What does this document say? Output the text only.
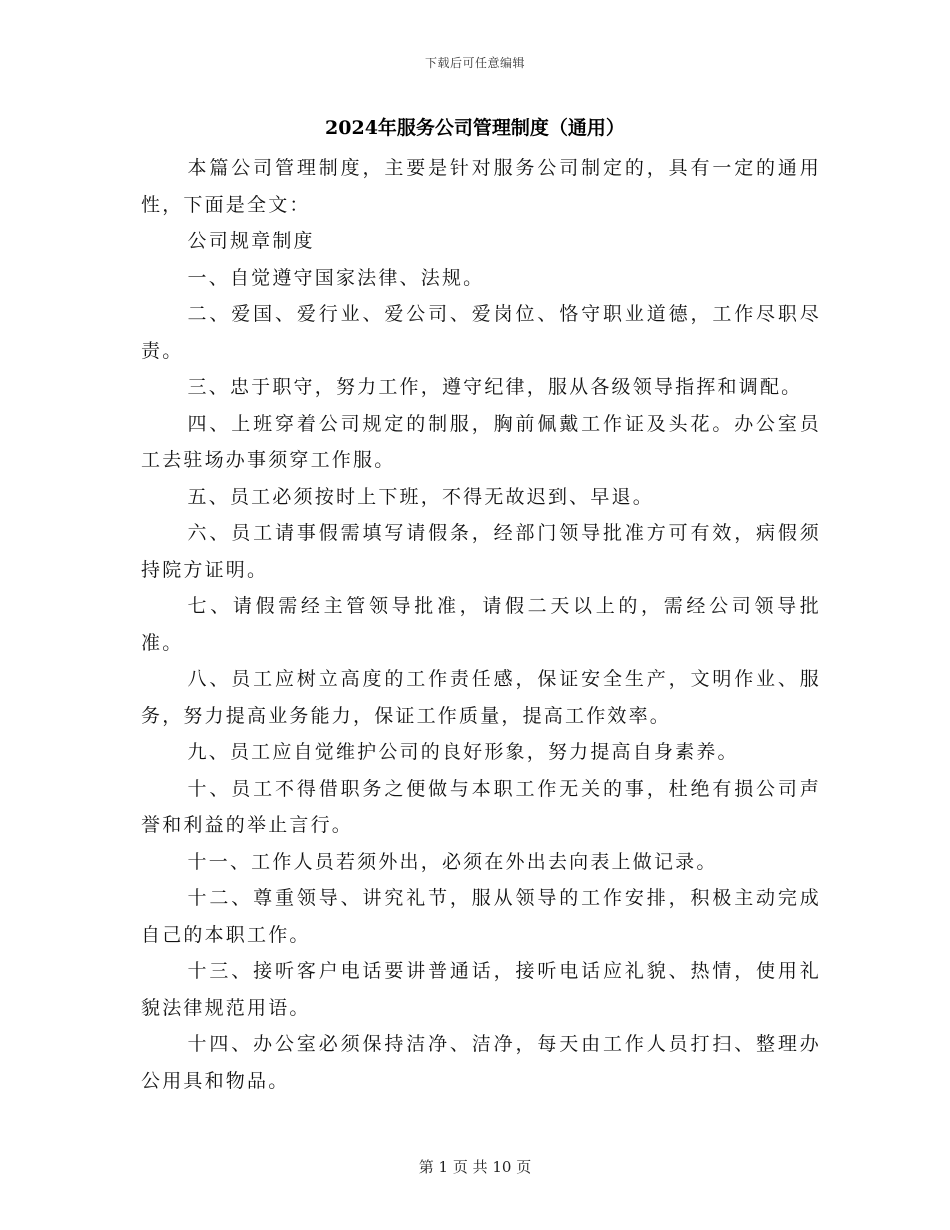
下载后可任意编辑
2024年服务公司管理制度（通用）

本篇公司管理制度，主要是针对服务公司制定的，具有一定的通用性，下面是全文：

公司规章制度

一、自觉遵守国家法律、法规。

二、爱国、爱行业、爱公司、爱岗位、恪守职业道德，工作尽职尽责。

三、忠于职守，努力工作，遵守纪律，服从各级领导指挥和调配。

四、上班穿着公司规定的制服，胸前佩戴工作证及头花。办公室员工去驻场办事须穿工作服。

五、员工必须按时上下班，不得无故迟到、早退。

六、员工请事假需填写请假条，经部门领导批准方可有效，病假须持院方证明。

七、请假需经主管领导批准，请假二天以上的，需经公司领导批准。

八、员工应树立高度的工作责任感，保证安全生产，文明作业、服务，努力提高业务能力，保证工作质量，提高工作效率。

九、员工应自觉维护公司的良好形象，努力提高自身素养。

十、员工不得借职务之便做与本职工作无关的事，杜绝有损公司声誉和利益的举止言行。

十一、工作人员若须外出，必须在外出去向表上做记录。

十二、尊重领导、讲究礼节，服从领导的工作安排，积极主动完成自己的本职工作。

十三、接听客户电话要讲普通话，接听电话应礼貌、热情，使用礼貌法律规范用语。

十四、办公室必须保持洁净、洁净，每天由工作人员打扫、整理办公用具和物品。

第 1 页 共 10 页
